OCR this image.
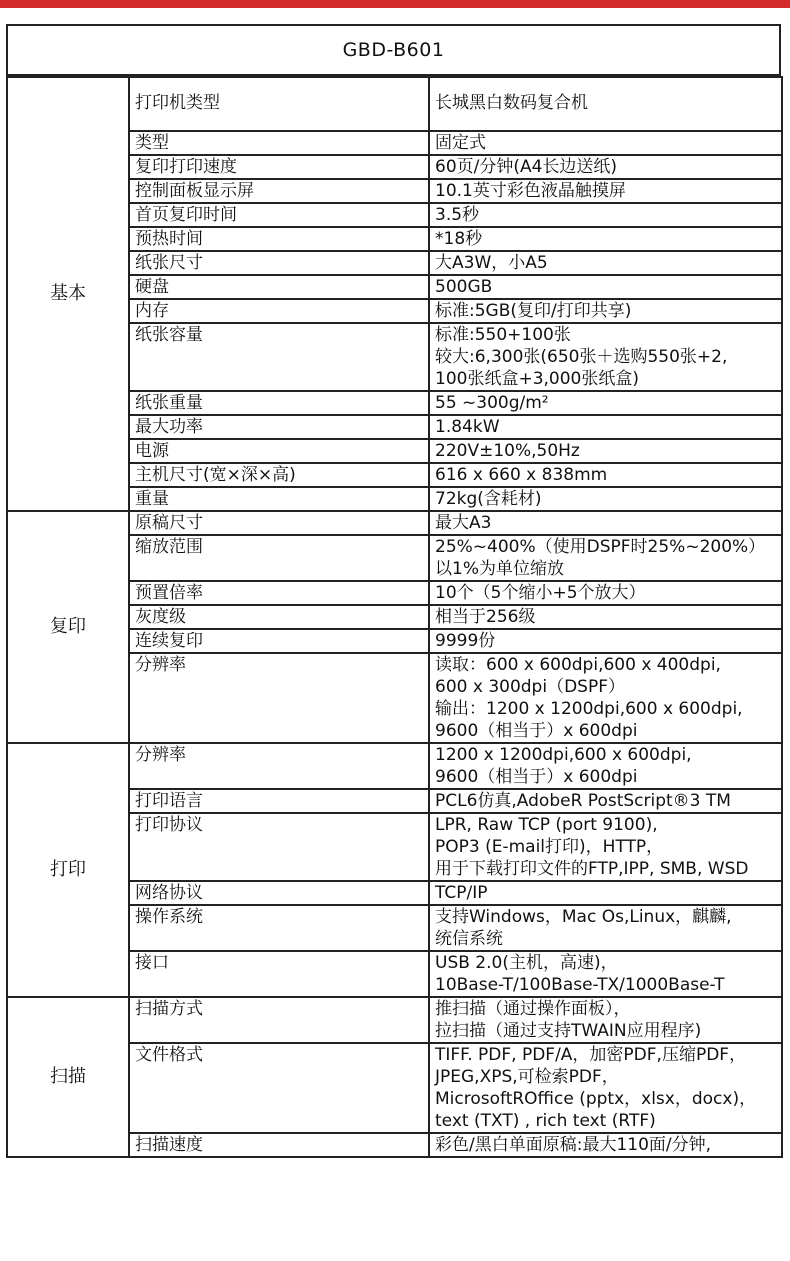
GBD-B601
基本	打印机类型	长城黑白数码复合机
	类型	固定式
	复印打印速度	60页/分钟(A4长边送纸)
	控制面板显示屏	10.1英寸彩色液晶触摸屏
	首页复印时间	3.5秒
	预热时间	*18秒
	纸张尺寸	大A3W，小A5
	硬盘	500GB
	内存	标准:5GB(复印/打印共享)
	纸张容量	标准:550+100张
较大:6,300张(650张＋选购550张+2,
100张纸盒+3,000张纸盒)
	纸张重量	55 ~300g/m²
	最大功率	1.84kW
	电源	220V±10%,50Hz
	主机尺寸(宽×深×高)	616 x 660 x 838mm
	重量	72kg(含耗材)
复印	原稿尺寸	最大A3
	缩放范围	25%~400%（使用DSPF时25%~200%）
以1%为单位缩放

	预置倍率	10个（5个缩小+5个放大）
	灰度级	相当于256级
	连续复印	9999份
	分辨率	读取：600 x 600dpi,600 x 400dpi,
600 x 300dpi（DSPF）
输出：1200 x 1200dpi,600 x 600dpi,
9600（相当于）x 600dpi
打印	分辨率	1200 x 1200dpi,600 x 600dpi,
9600（相当于）x 600dpi
	打印语言	PCL6仿真,AdobeR PostScript®3 TM
	打印协议	LPR, Raw TCP (port 9100),
POP3 (E-mail打印)，HTTP，
用于下载打印文件的FTP,IPP, SMB, WSD
	网络协议	TCP/IP
	操作系统	支持Windows，Mac Os,Linux，麒麟,
统信系统
	接口	USB 2.0(主机，高速)，
10Base-T/100Base-TX/1000Base-T
扫描	扫描方式	推扫描（通过操作面板），
拉扫描（通过支持TWAIN应用程序)
	文件格式	TIFF. PDF, PDF/A，加密PDF,压缩PDF，
JPEG,XPS,可检索PDF，
MicrosoftROffice (pptx，xlsx，docx)，
text (TXT) , rich text (RTF)
	扫描速度	彩色/黑白单面原稿:最大110面/分钟,
